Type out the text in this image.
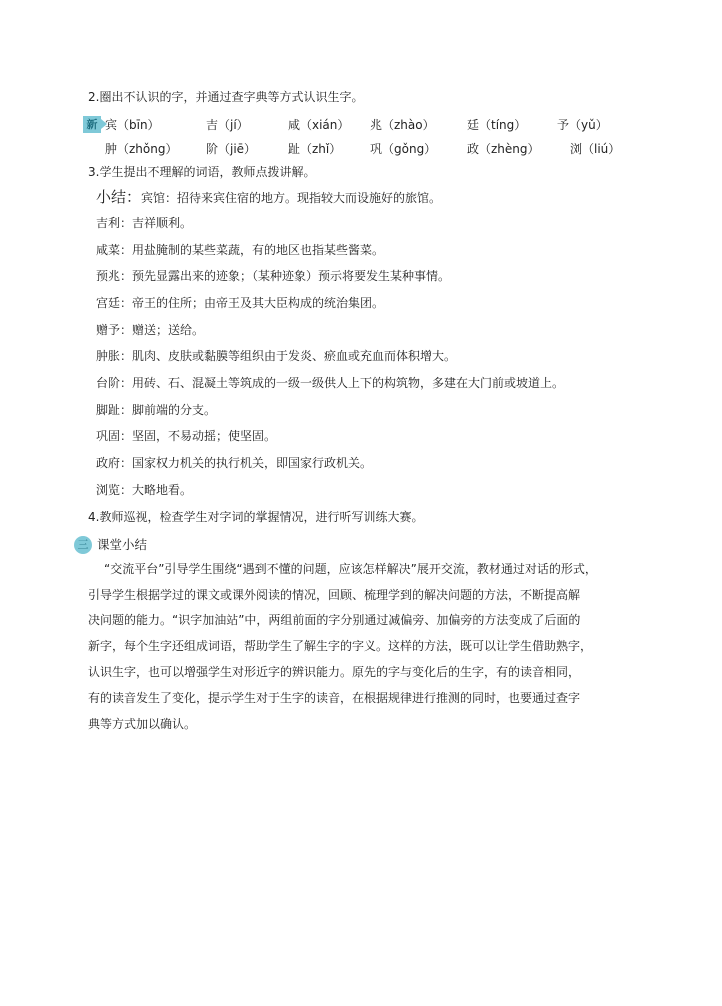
2.圈出不认识的字，并通过查字典等方式认识生字。
新 宾（bīn）	吉（jí）	咸（xián） 兆（zhào）	廷（tíng）	予（yǔ）
肿（zhǒng） 阶（jiē）	趾（zhǐ） 巩（gǒng）	政（zhèng）	浏（liú）
3.学生提出不理解的词语，教师点拨讲解。
小结：宾馆：招待来宾住宿的地方。现指较大而设施好的旅馆。
吉利：吉祥顺利。
咸菜：用盐腌制的某些菜蔬，有的地区也指某些酱菜。
预兆：预先显露出来的迹象；（某种迹象）预示将要发生某种事情。
宫廷：帝王的住所；由帝王及其大臣构成的统治集团。
赠予：赠送；送给。
肿胀：肌肉、皮肤或黏膜等组织由于发炎、瘀血或充血而体积增大。
台阶：用砖、石、混凝土等筑成的一级一级供人上下的构筑物，多建在大门前或坡道上。
脚趾：脚前端的分支。
巩固：坚固，不易动摇；使坚固。
政府：国家权力机关的执行机关，即国家行政机关。
浏览：大略地看。
4.教师巡视，检查学生对字词的掌握情况，进行听写训练大赛。
三 课堂小结
“交流平台”引导学生围绕“遇到不懂的问题，应该怎样解决”展开交流，教材通过对话的形式，
引导学生根据学过的课文或课外阅读的情况，回顾、梳理学到的解决问题的方法，不断提高解
决问题的能力。“识字加油站”中，两组前面的字分别通过减偏旁、加偏旁的方法变成了后面的
新字，每个生字还组成词语，帮助学生了解生字的字义。这样的方法，既可以让学生借助熟字，
认识生字，也可以增强学生对形近字的辨识能力。原先的字与变化后的生字，有的读音相同，
有的读音发生了变化，提示学生对于生字的读音，在根据规律进行推测的同时，也要通过查字
典等方式加以确认。
